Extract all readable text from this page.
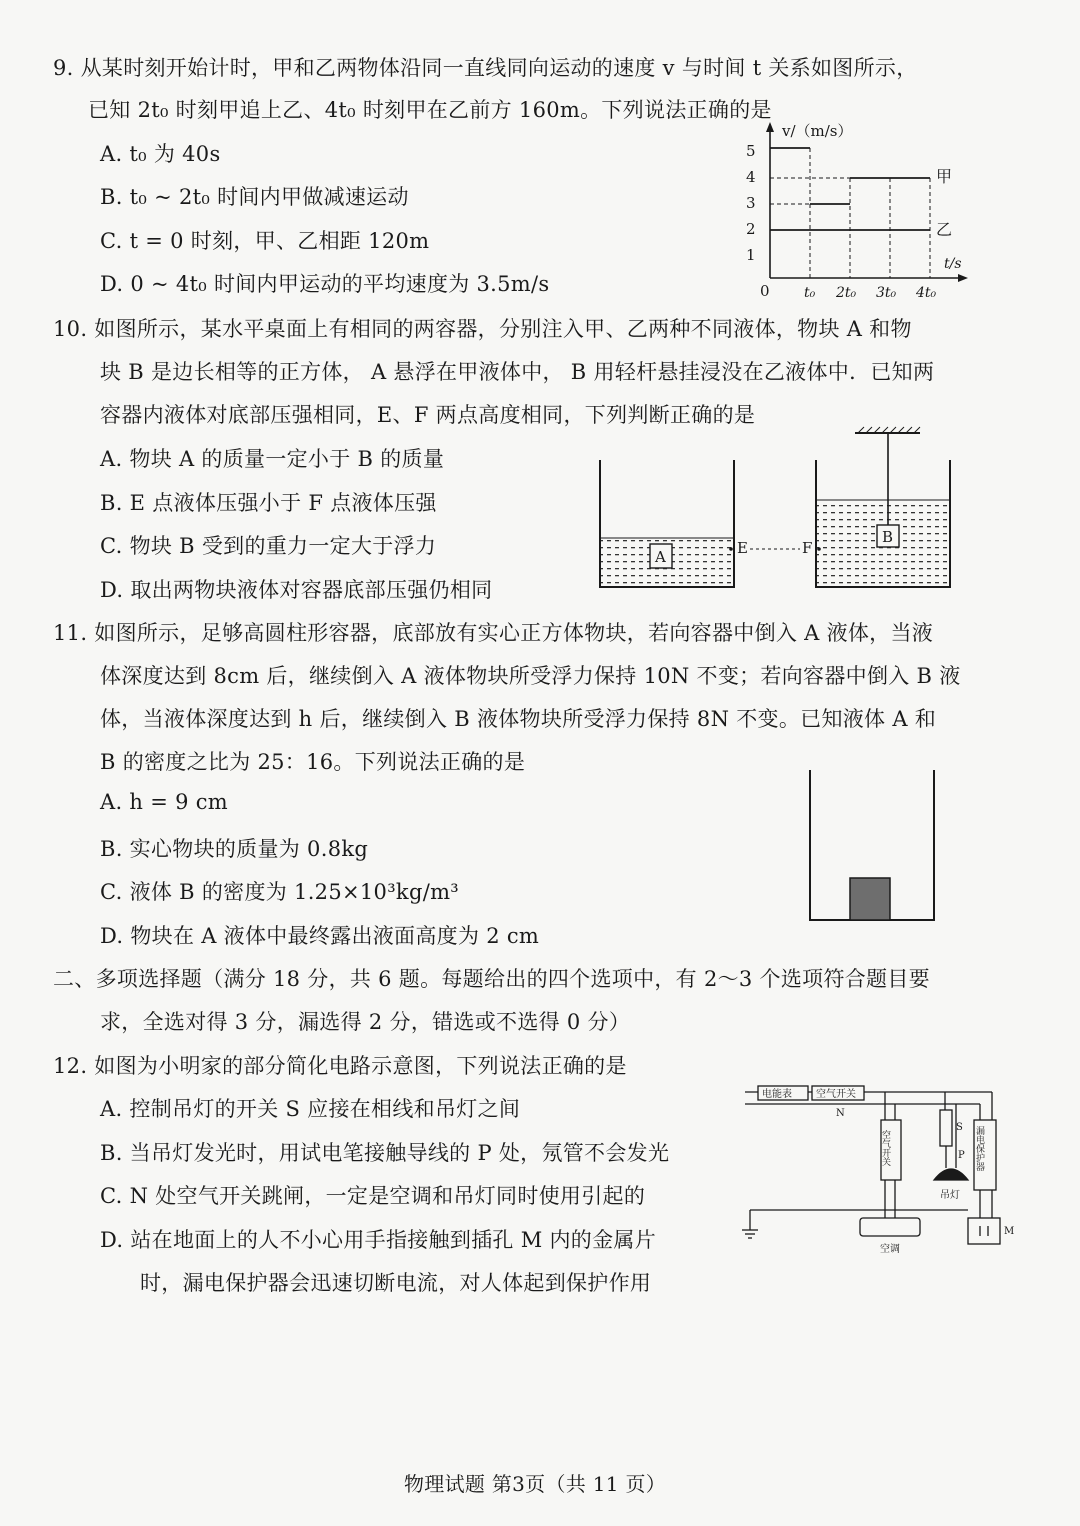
9. 从某时刻开始计时，甲和乙两物体沿同一直线同向运动的速度 v 与时间 t 关系如图所示，
已知 2t₀ 时刻甲追上乙、4t₀ 时刻甲在乙前方 160m。下列说法正确的是
A. t₀ 为 40s
B. t₀ ~ 2t₀ 时间内甲做减速运动
C. t = 0 时刻，甲、乙相距 120m
D. 0 ~ 4t₀ 时间内甲运动的平均速度为 3.5m/s
v/（m/s）
t/s
5
4
3
2
1
0 t₀ 2t₀ 3t₀ 4t₀
甲
乙
10. 如图所示，某水平桌面上有相同的两容器，分别注入甲、乙两种不同液体，物块 A 和物
块 B 是边长相等的正方体， A 悬浮在甲液体中， B 用轻杆悬挂浸没在乙液体中．已知两
容器内液体对底部压强相同，E、F 两点高度相同，下列判断正确的是
A. 物块 A 的质量一定小于 B 的质量
B. E 点液体压强小于 F 点液体压强
C. 物块 B 受到的重力一定大于浮力
D. 取出两物块液体对容器底部压强仍相同
A	E	F
B
11. 如图所示，足够高圆柱形容器，底部放有实心正方体物块，若向容器中倒入 A 液体，当液
体深度达到 8cm 后，继续倒入 A 液体物块所受浮力保持 10N 不变；若向容器中倒入 B 液
体，当液体深度达到 h 后，继续倒入 B 液体物块所受浮力保持 8N 不变。已知液体 A 和
B 的密度之比为 25：16。下列说法正确的是
A. h = 9 cm
B. 实心物块的质量为 0.8kg
C. 液体 B 的密度为 1.25×10³kg/m³
D. 物块在 A 液体中最终露出液面高度为 2 cm
二、多项选择题（满分 18 分，共 6 题。每题给出的四个选项中，有 2～3 个选项符合题目要
求，全选对得 3 分，漏选得 2 分，错选或不选得 0 分）
12. 如图为小明家的部分简化电路示意图，下列说法正确的是
A. 控制吊灯的开关 S 应接在相线和吊灯之间
B. 当吊灯发光时，用试电笔接触导线的 P 处，氖管不会发光
C. N 处空气开关跳闸，一定是空调和吊灯同时使用引起的
D. 站在地面上的人不小心用手指接触到插孔 M 内的金属片
时，漏电保护器会迅速切断电流，对人体起到保护作用
电能表 空气开关
空气开关	漏电保护器
吊灯
空调
S
P
N
M
物理试题 第3页（共 11 页）
